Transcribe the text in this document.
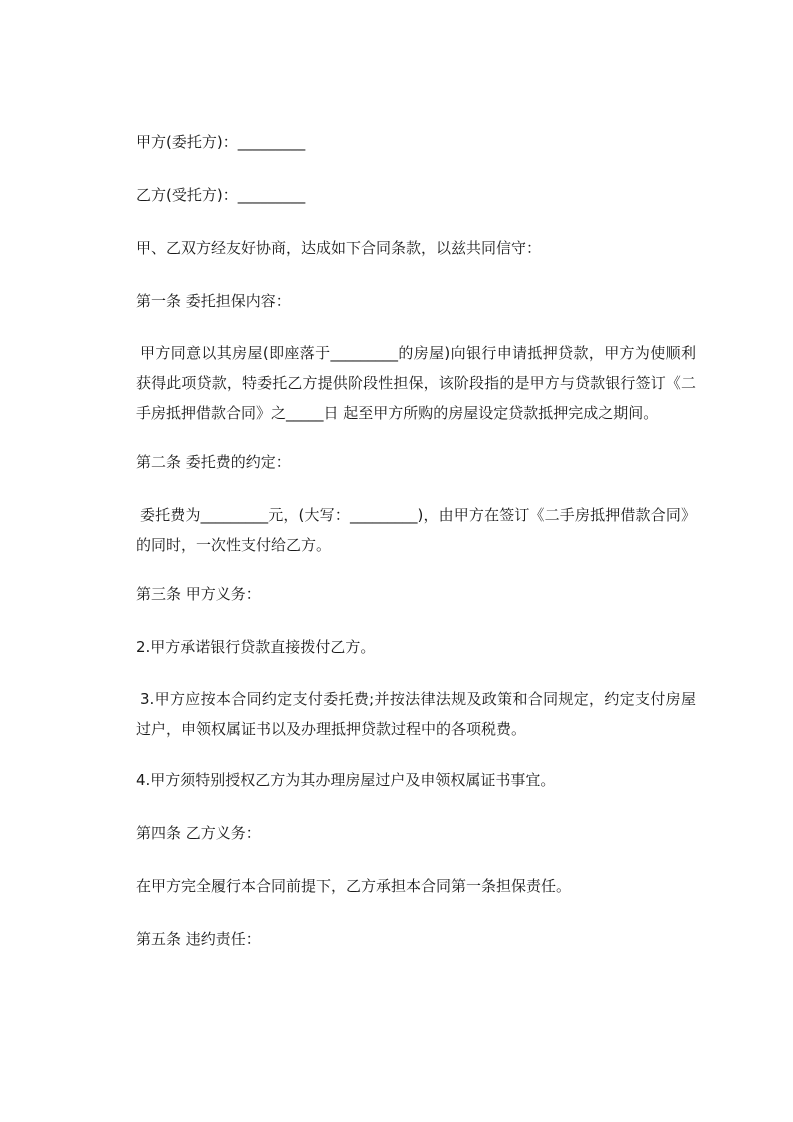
甲方(委托方)：_________
乙方(受托方)：_________
甲、乙双方经友好协商，达成如下合同条款，以兹共同信守：
第一条 委托担保内容：
甲方同意以其房屋(即座落于_________的房屋)向银行申请抵押贷款，甲方为使顺利获得此项贷款，特委托乙方提供阶段性担保，该阶段指的是甲方与贷款银行签订《二手房抵押借款合同》之_____日 起至甲方所购的房屋设定贷款抵押完成之期间。
第二条 委托费的约定：
委托费为_________元，(大写：_________)，由甲方在签订《二手房抵押借款合同》的同时，一次性支付给乙方。
第三条 甲方义务：
2.甲方承诺银行贷款直接拨付乙方。
3.甲方应按本合同约定支付委托费;并按法律法规及政策和合同规定，约定支付房屋过户，申领权属证书以及办理抵押贷款过程中的各项税费。
4.甲方须特别授权乙方为其办理房屋过户及申领权属证书事宜。
第四条 乙方义务：
在甲方完全履行本合同前提下，乙方承担本合同第一条担保责任。
第五条 违约责任：
